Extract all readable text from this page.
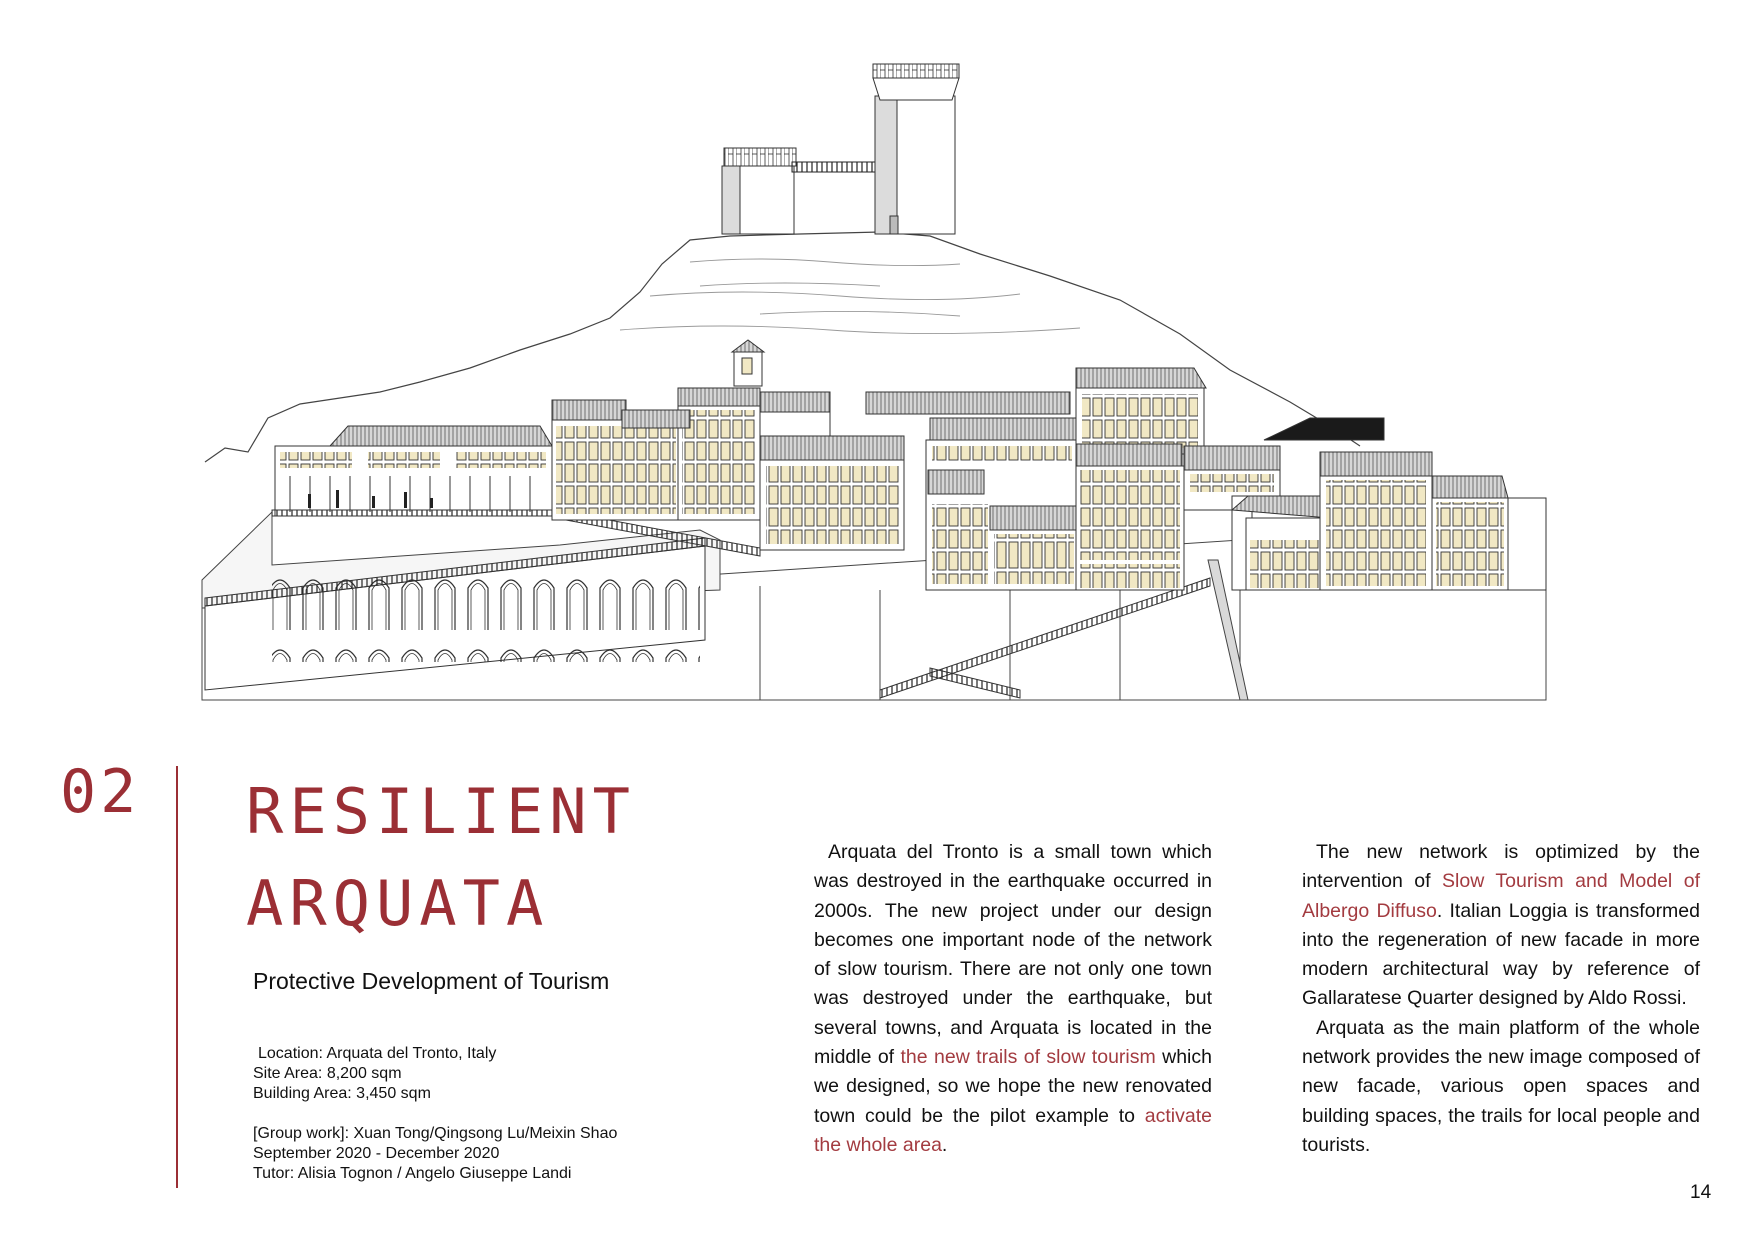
02 RESILIENT
ARQUATA
Protective Development of Tourism
Location: Arquata del Tronto, Italy
Site Area: 8,200 sqm
Building Area: 3,450 sqm
[Group work]: Xuan Tong/Qingsong Lu/Meixin Shao
September 2020 - December 2020
Tutor: Alisia Tognon / Angelo Giuseppe Landi

Arquata del Tronto is a small town which was destroyed in the earthquake occurred in 2000s. The new project under our design becomes one important node of the network of slow tourism. There are not only one town was destroyed under the earthquake, but several towns, and Arquata is located in the middle of the new trails of slow tourism which we designed, so we hope the new renovated town could be the pilot example to activate the whole area.

The new network is optimized by the intervention of Slow Tourism and Model of Albergo Diffuso. Italian Loggia is transformed into the regeneration of new facade in more modern architectural way by reference of Gallaratese Quarter designed by Aldo Rossi.

Arquata as the main platform of the whole network provides the new image composed of new facade, various open spaces and building spaces, the trails for local people and tourists.

14
